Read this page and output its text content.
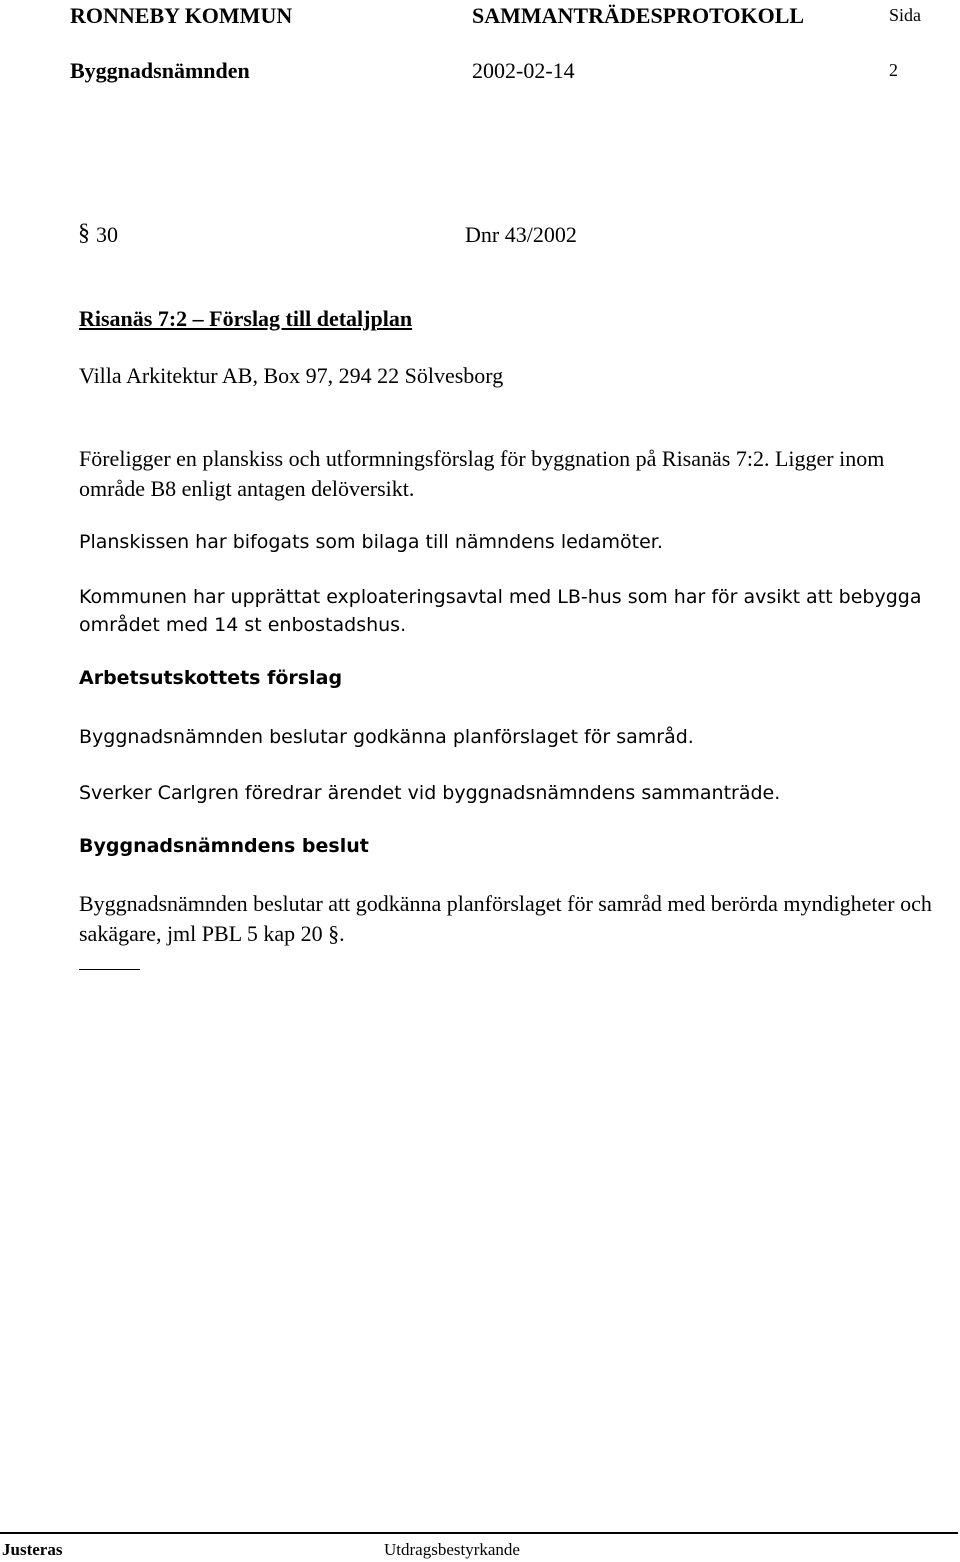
RONNEBY KOMMUN	SAMMANTRÄDESPROTOKOLL	Sida
Byggnadsnämnden	2002-02-14	2
§ 30	Dnr 43/2002
Risanäs 7:2 – Förslag till detaljplan
Villa Arkitektur AB, Box 97, 294 22 Sölvesborg
Föreligger en planskiss och utformningsförslag för byggnation på Risanäs 7:2. Ligger inom område B8 enligt antagen delöversikt.
Planskissen har bifogats som bilaga till nämndens ledamöter.
Kommunen har upprättat exploateringsavtal med LB-hus som har för avsikt att bebygga området med 14 st enbostadshus.
Arbetsutskottets förslag
Byggnadsnämnden beslutar godkänna planförslaget för samråd.
Sverker Carlgren föredrar ärendet vid byggnadsnämndens sammanträde.
Byggnadsnämndens beslut
Byggnadsnämnden beslutar att godkänna planförslaget för samråd med berörda myndigheter och sakägare, jml PBL 5 kap 20 §.
Justeras	Utdragsbestyrkande
